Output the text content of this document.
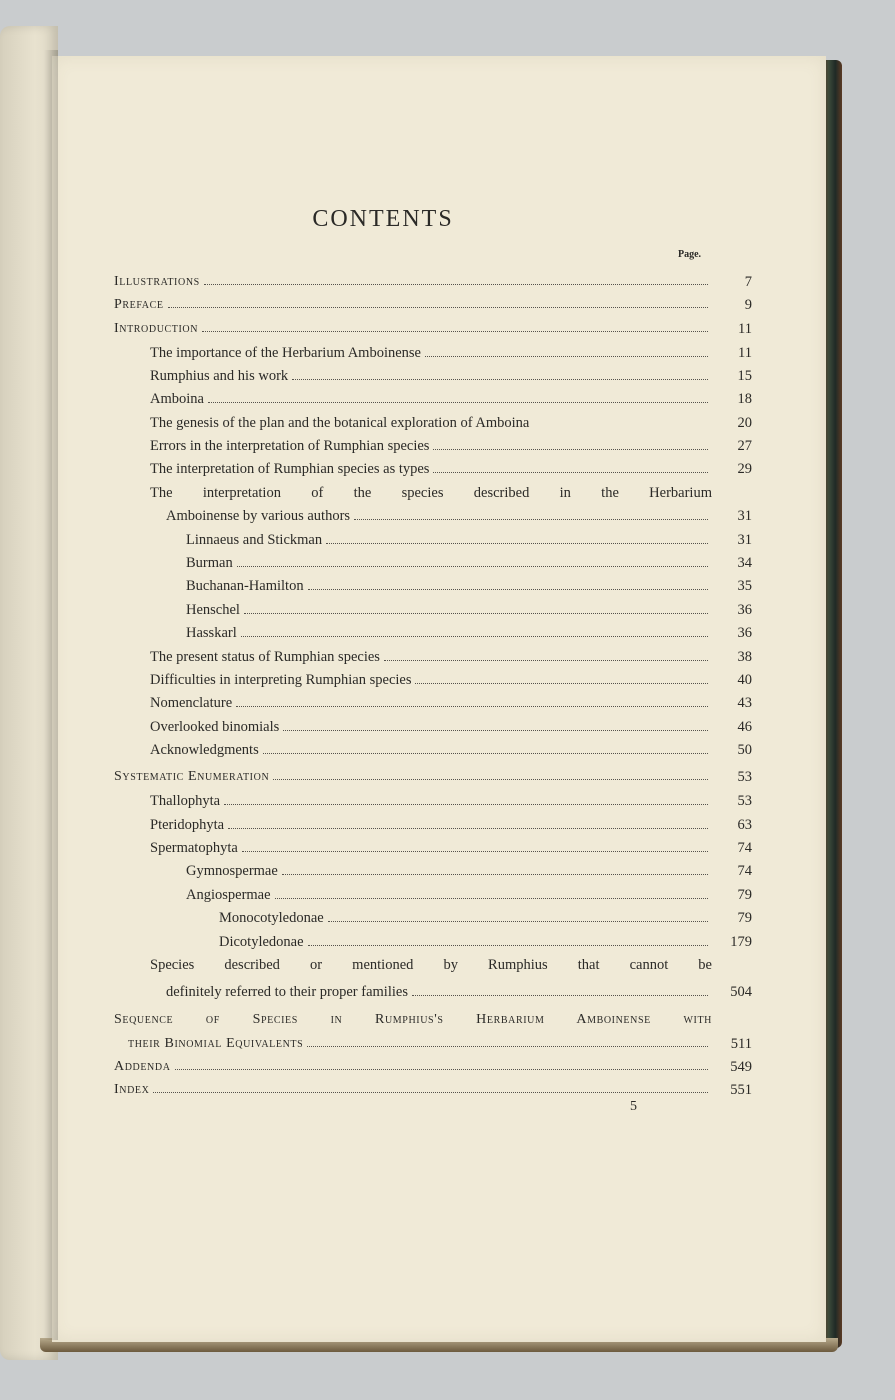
CONTENTS
Page.
Illustrations	7
Preface	9
Introduction	11
The importance of the Herbarium Amboinense	11
Rumphius and his work	15
Amboina	18
The genesis of the plan and the botanical exploration of Amboina	20
Errors in the interpretation of Rumphian species	27
The interpretation of Rumphian species as types	29
The interpretation of the species described in the Herbarium
Amboinense by various authors	31
Linnaeus and Stickman	31
Burman	34
Buchanan-Hamilton	35
Henschel	36
Hasskarl	36
The present status of Rumphian species	38
Difficulties in interpreting Rumphian species	40
Nomenclature	43
Overlooked binomials	46
Acknowledgments	50
Systematic Enumeration	53
Thallophyta	53
Pteridophyta	63
Spermatophyta	74
Gymnospermae	74
Angiospermae	79
Monocotyledonae	79
Dicotyledonae	179
Species described or mentioned by Rumphius that cannot be
definitely referred to their proper families	504
Sequence of Species in Rumphius's Herbarium Amboinense with
their Binomial Equivalents	511
Addenda	549
Index	551
5
